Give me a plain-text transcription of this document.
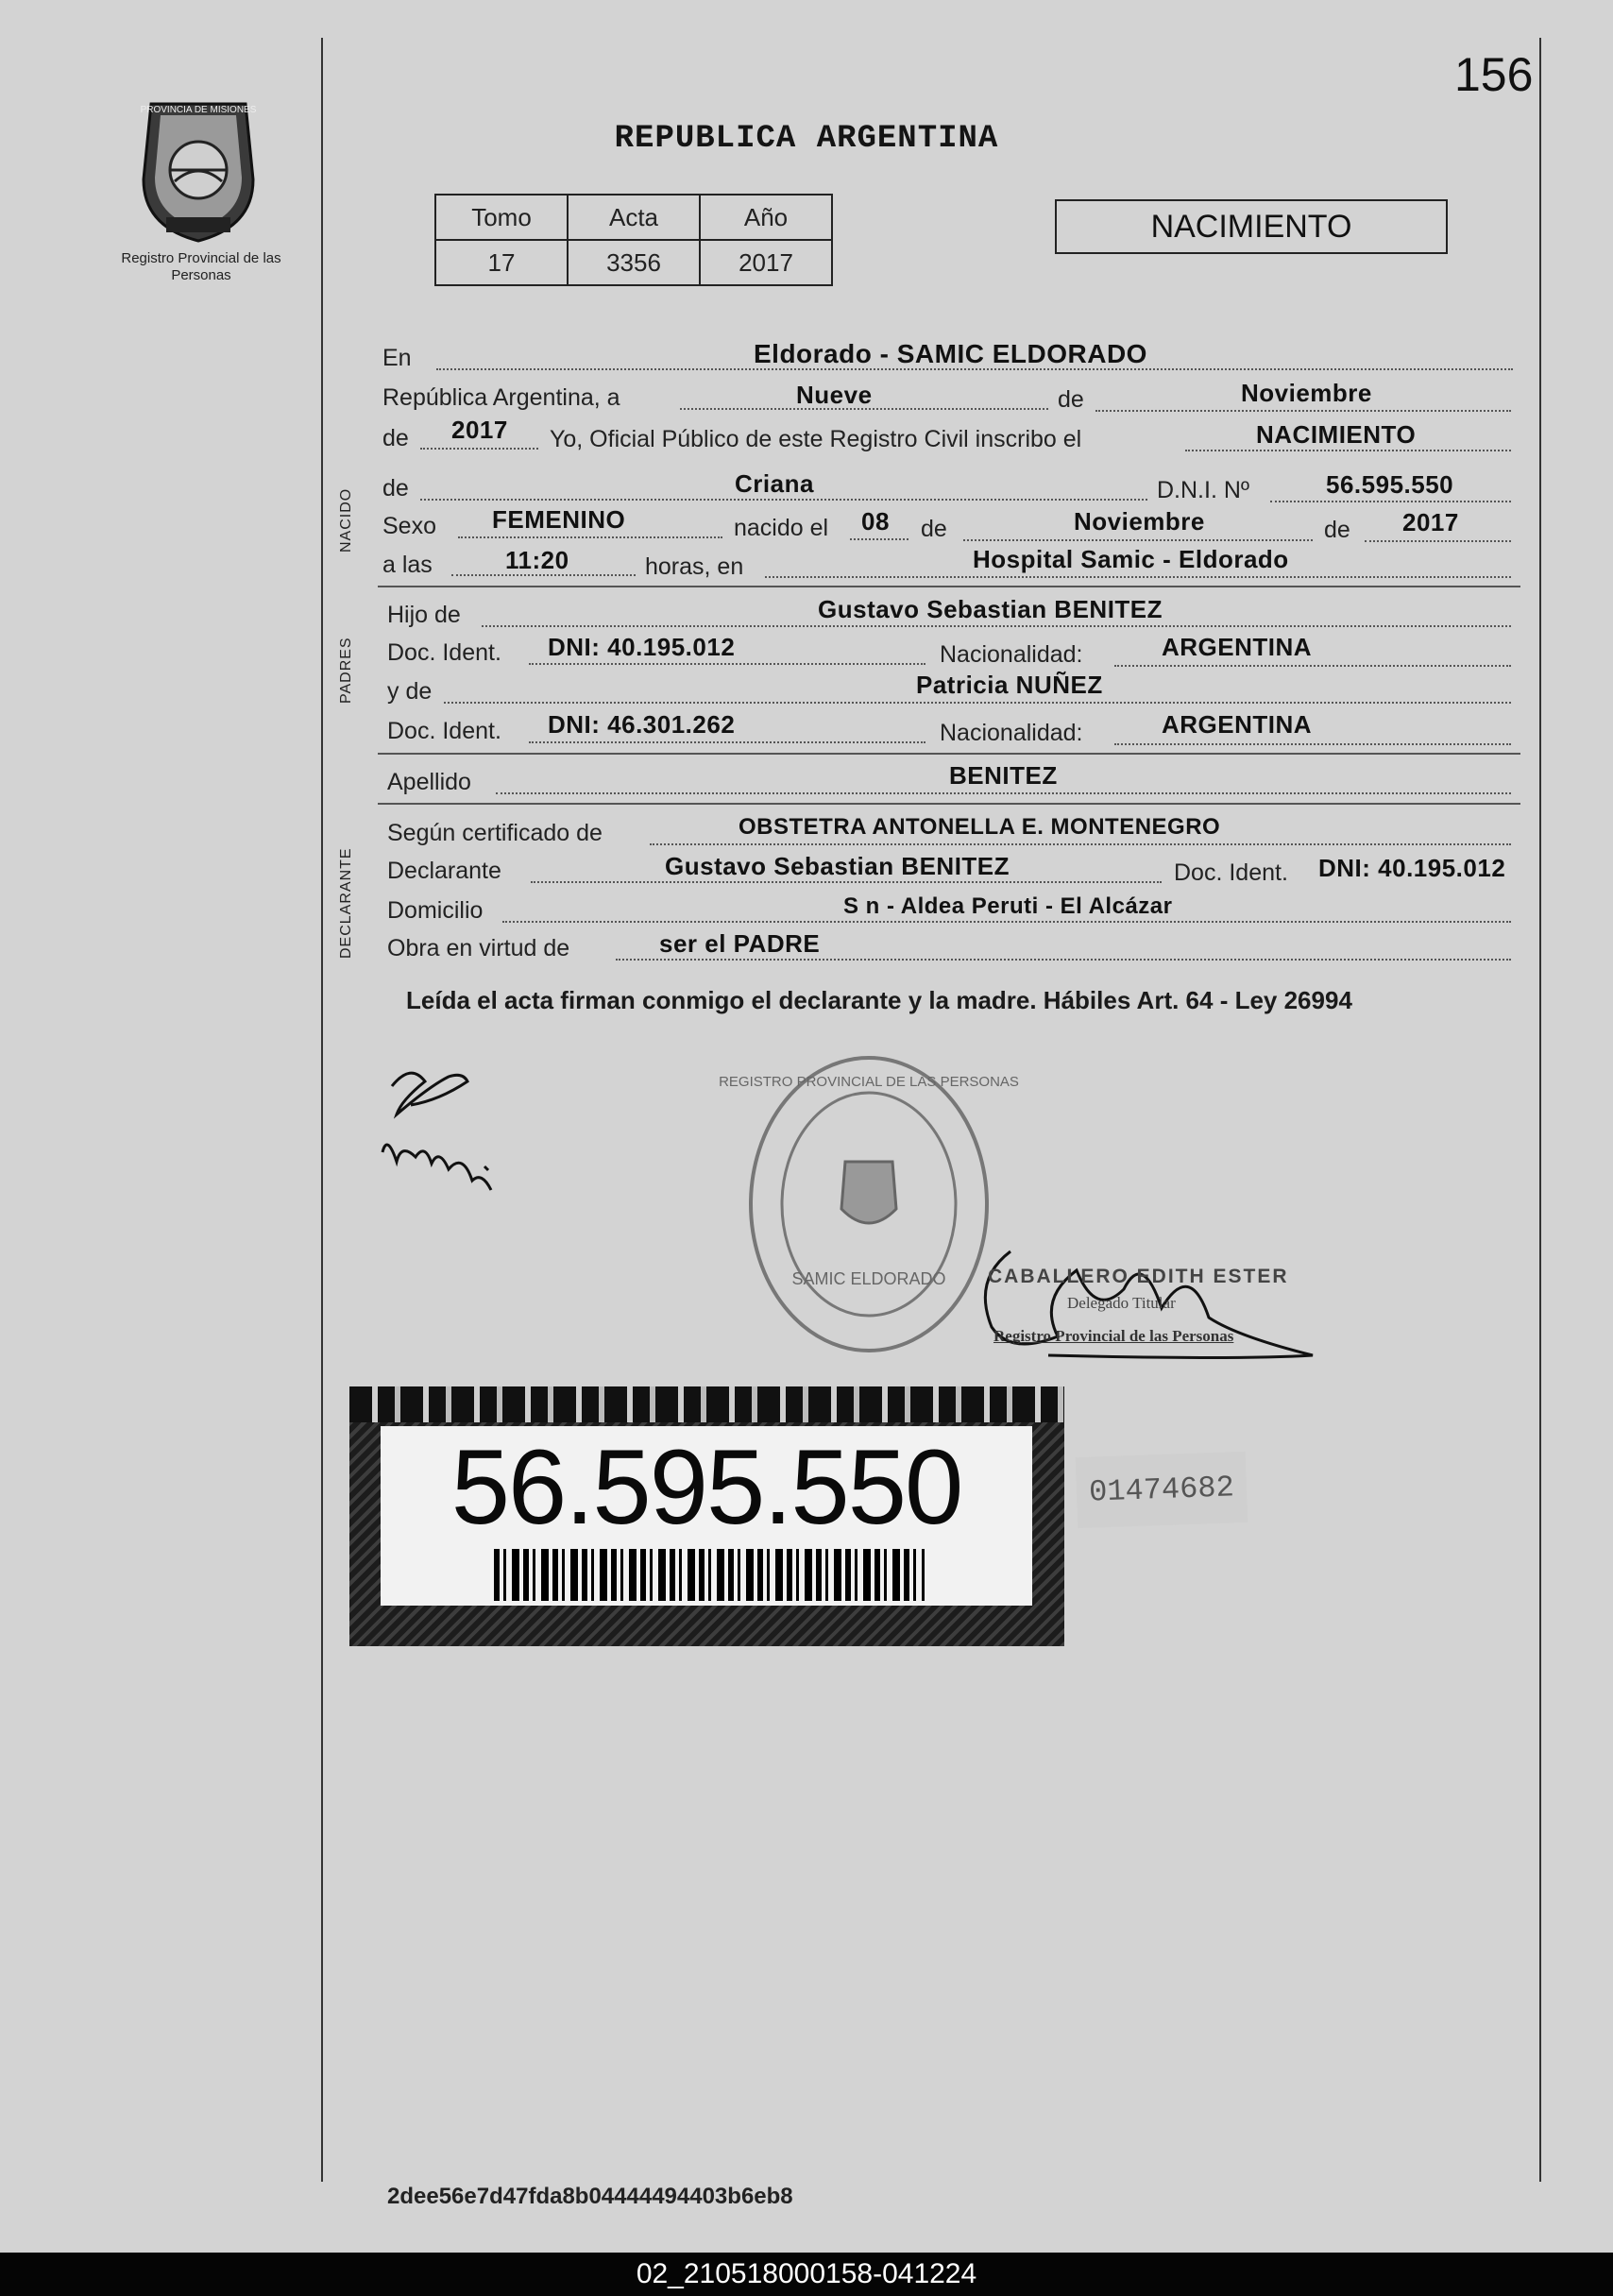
156
PROVINCIA DE MISIONES
Registro Provincial de las Personas
REPUBLICA ARGENTINA
Tomo	Acta	Año
17	3356	2017
NACIMIENTO
En	Eldorado - SAMIC ELDORADO
República Argentina, a	Nueve	de	Noviembre
de 2017 Yo, Oficial Público de este Registro Civil inscribo el	NACIMIENTO
NACIDO de	Criana	D.N.I. Nº	56.595.550
Sexo FEMENINO	nacido el 08 de	Noviembre	de 2017
a las	11:20	horas, en	Hospital Samic - Eldorado
PADRES
Hijo de	Gustavo Sebastian BENITEZ
Doc. Ident. DNI: 40.195.012	Nacionalidad:	ARGENTINA
y de	Patricia NUÑEZ
Doc. Ident. DNI: 46.301.262	Nacionalidad:	ARGENTINA
Apellido	BENITEZ
DECLARANTE
Según certificado de	OBSTETRA ANTONELLA E. MONTENEGRO
Declarante	Gustavo Sebastian BENITEZ	Doc. Ident. DNI: 40.195.012
Domicilio	S n - Aldea Peruti - El Alcázar
Obra en virtud de	ser el PADRE
Leída el acta firman conmigo el declarante y la madre. Hábiles Art. 64 - Ley 26994
REGISTRO PROVINCIAL DE LAS PERSONAS
SAMIC ELDORADO CABALLERO EDITH ESTER
Delegado Titular
Registro Provincial de las Personas
56.595.550	01474682
2dee56e7d47fda8b04444494403b6eb8
02_210518000158-041224
